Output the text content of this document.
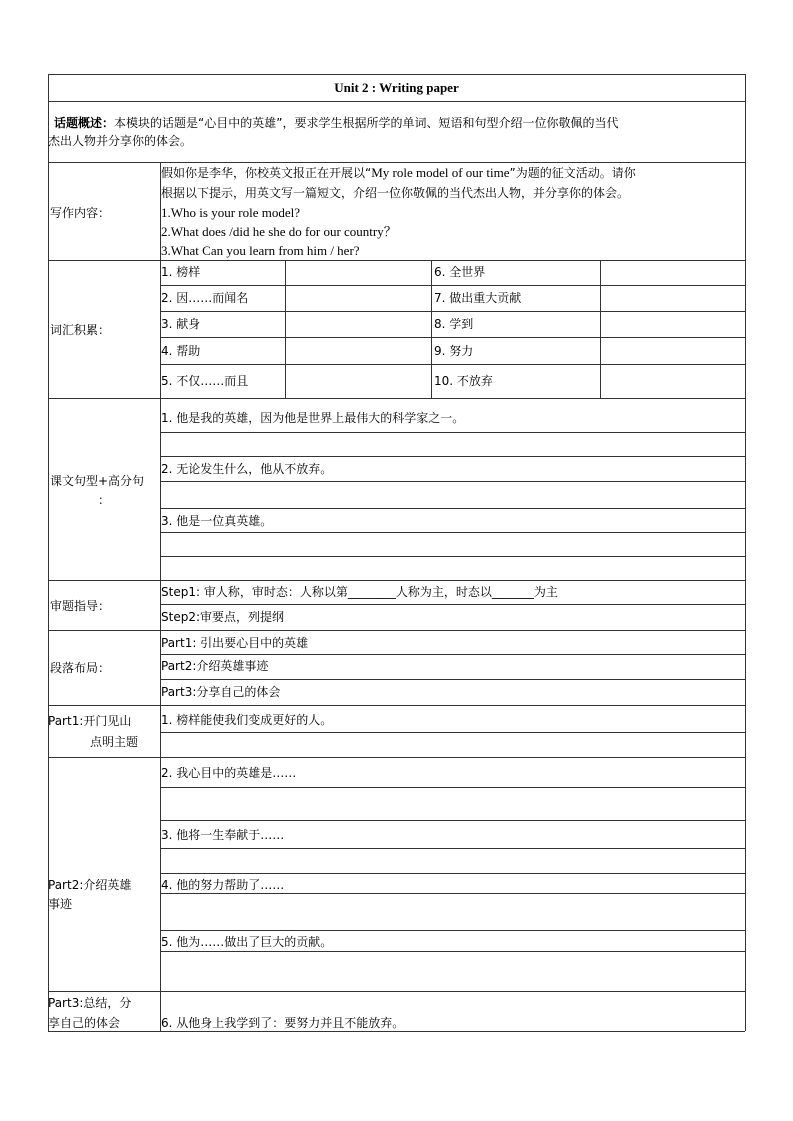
Unit 2 : Writing paper
话题概述：本模块的话题是“心目中的英雄”，要求学生根据所学的单词、短语和句型介绍一位你敬佩的当代
杰出人物并分享你的体会。
写作内容：
假如你是李华，你校英文报正在开展以“My role model of our time”为题的征文活动。请你
根据以下提示，用英文写一篇短文，介绍一位你敬佩的当代杰出人物，并分享你的体会。
1.Who is your role model?
2.What does /did he she do for our country？
3.What Can you learn from him / her?
词汇积累：
1. 榜样
2. 因……而闻名
3. 献身
4. 帮助
5. 不仅……而且
6. 全世界
7. 做出重大贡献
8. 学到
9. 努力
10. 不放弃
课文句型+高分句
：
1. 他是我的英雄，因为他是世界上最伟大的科学家之一。
2. 无论发生什么，他从不放弃。
3. 他是一位真英雄。
审题指导：
Step1: 审人称，审时态：人称以第________人称为主，时态以_______为主
Step2:审要点，列提纲
段落布局：
Part1: 引出要心目中的英雄
Part2:介绍英雄事迹
Part3:分享自己的体会
Part1:开门见山
点明主题
1. 榜样能使我们变成更好的人。
Part2:介绍英雄
事迹
2. 我心目中的英雄是……
3. 他将一生奉献于……
4. 他的努力帮助了……
5. 他为……做出了巨大的贡献。
Part3:总结，分
享自己的体会	6. 从他身上我学到了：要努力并且不能放弃。
